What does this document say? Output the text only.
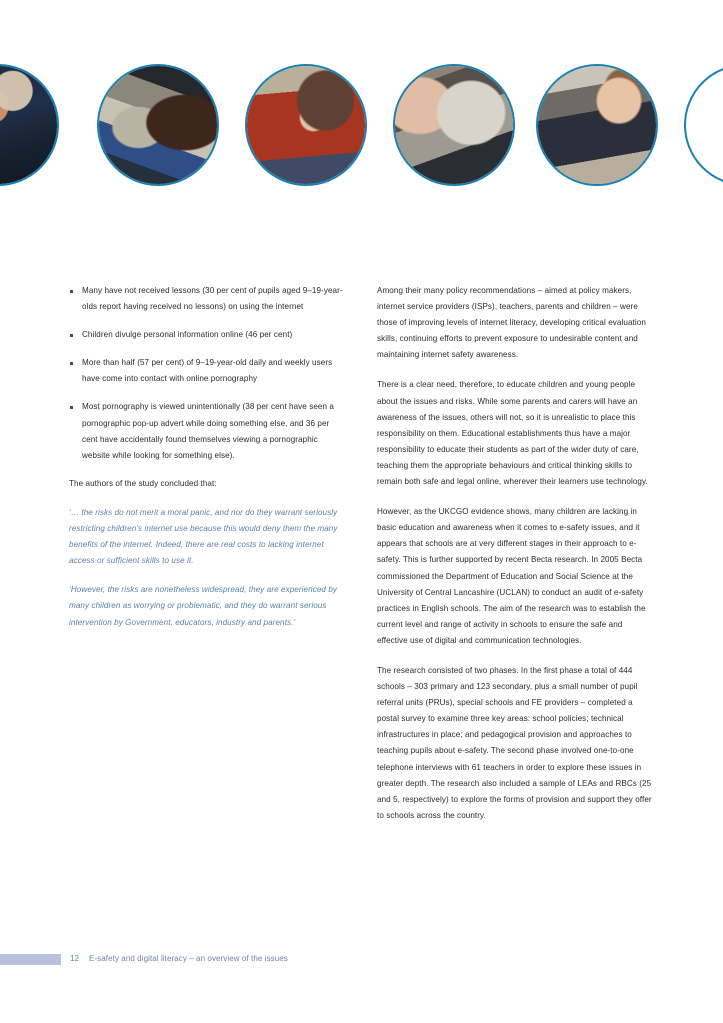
Many have not received lessons (30 per cent of pupils aged 9–19-year-olds report having received no lessons) on using the internet
Children divulge personal information online (46 per cent)
More than half (57 per cent) of 9–19-year-old daily and weekly users have come into contact with online pornography
Most pornography is viewed unintentionally (38 per cent have seen a pornographic pop-up advert while doing something else, and 36 per cent have accidentally found themselves viewing a pornographic website while looking for something else).

The authors of the study concluded that:

‘… the risks do not merit a moral panic, and nor do they warrant seriously restricting children’s internet use because this would deny them the many benefits of the internet. Indeed, there are real costs to lacking internet access or sufficient skills to use it.

‘However, the risks are nonetheless widespread, they are experienced by many children as worrying or problematic, and they do warrant serious intervention by Government, educators, industry and parents.’

Among their many policy recommendations – aimed at policy makers, internet service providers (ISPs), teachers, parents and children – were those of improving levels of internet literacy, developing critical evaluation skills, continuing efforts to prevent exposure to undesirable content and maintaining internet safety awareness.

There is a clear need, therefore, to educate children and young people about the issues and risks. While some parents and carers will have an awareness of the issues, others will not, so it is unrealistic to place this responsibility on them. Educational establishments thus have a major responsibility to educate their students as part of the wider duty of care, teaching them the appropriate behaviours and critical thinking skills to remain both safe and legal online, wherever their learners use technology.

However, as the UKCGO evidence shows, many children are lacking in basic education and awareness when it comes to e-safety issues, and it appears that schools are at very different stages in their approach to e-safety. This is further supported by recent Becta research. In 2005 Becta commissioned the Department of Education and Social Science at the University of Central Lancashire (UCLAN) to conduct an audit of e-safety practices in English schools. The aim of the research was to establish the current level and range of activity in schools to ensure the safe and effective use of digital and communication technologies.

The research consisted of two phases. In the first phase a total of 444 schools – 303 primary and 123 secondary, plus a small number of pupil referral units (PRUs), special schools and FE providers – completed a postal survey to examine three key areas: school policies; technical infrastructures in place; and pedagogical provision and approaches to teaching pupils about e-safety. The second phase involved one-to-one telephone interviews with 61 teachers in order to explore these issues in greater depth. The research also included a sample of LEAs and RBCs (25 and 5, respectively) to explore the forms of provision and support they offer to schools across the country.

12 E-safety and digital literacy – an overview of the issues
